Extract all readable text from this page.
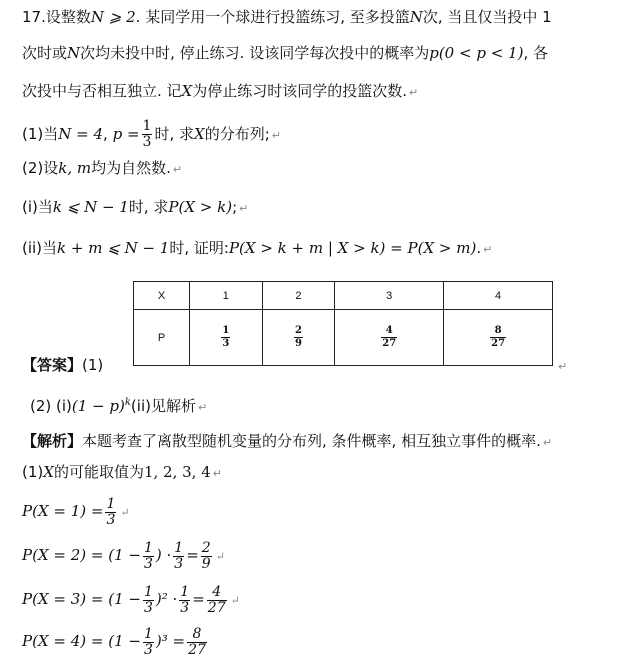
17.设整数N ⩾ 2. 某同学用一个球进行投篮练习, 至多投篮N次, 当且仅当投中 1
次时或N次均未投中时, 停止练习. 设该同学每次投中的概率为p(0 < p < 1), 各
次投中与否相互独立. 记X为停止练习时该同学的投篮次数. ↵
(1)当N = 4, $p = \frac{1}{3}$ 时, 求X的分布列; ↵
(2)设k, m均为自然数. ↵
(i)当k ⩽ N − 1时, 求P(X > k); ↵
(ii)当k + m ⩽ N − 1时, 证明:P(X > k + m | X > k) = P(X > m). ↵
X	1	2	3	4
P	$\frac{1}{3}$	$\frac{2}{9}$	$\frac{4}{27}$	$\frac{8}{27}$
【答案】(1)	↵
(2) $(i)(1 - p)^k(ii)$见解析 ↵
【解析】本题考查了离散型随机变量的分布列, 条件概率, 相互独立事件的概率. ↵
(1)X的可能取值为1, 2, 3, 4 ↵
$P(X = 1) = \frac{1}{3}$ ↵
$P(X = 2) = (1 - \frac{1}{3}$ ) · $\frac{1}{3} = \frac{2}{9}$ ↵
$P(X = 3) = (1 - \frac{1}{3} )^2 \cdot \frac{1}{3} = \frac{4}{27}$ ↵
$P(X = 4) = (1 - \frac{1}{3} )^3 = \frac{8}{27}$
